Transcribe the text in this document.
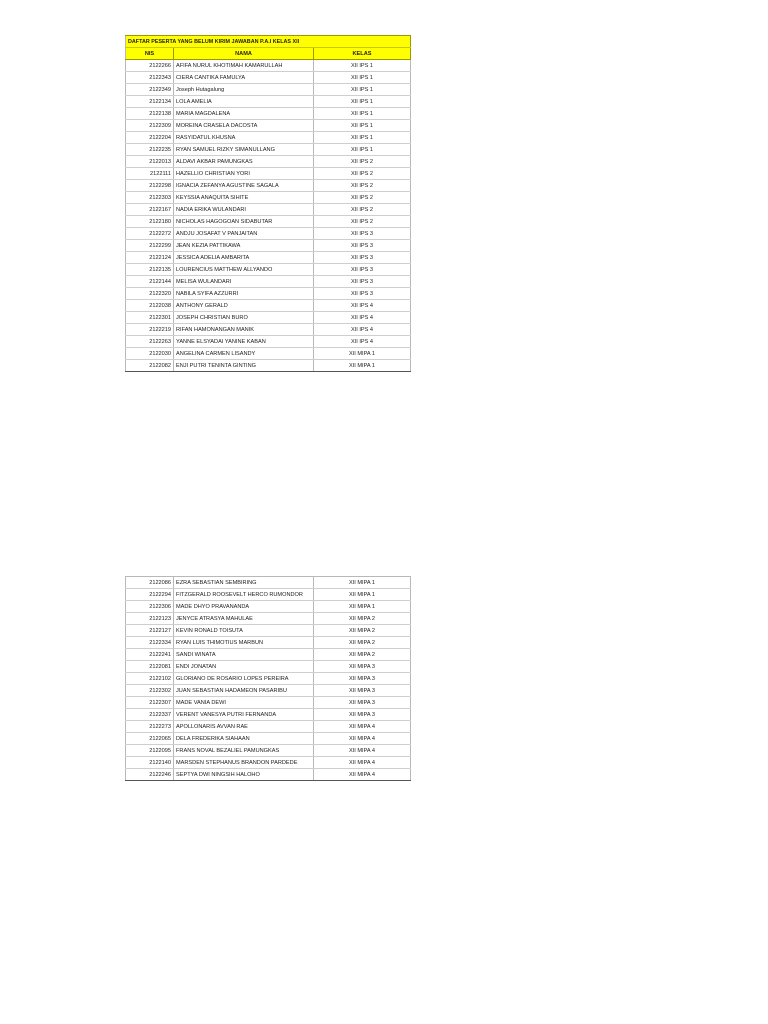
DAFTAR PESERTA YANG BELUM KIRIM JAWABAN P.A.I KELAS XII		
NIS	NAMA	KELAS
2122266	AFIFA NURUL KHOTIMAH KAMARULLAH	XII IPS 1
2122343	CIERA CANTIKA FAMULYA	XII IPS 1
2122349	Joseph Hutagalung	XII IPS 1
2122134	LOLA AMELIA	XII IPS 1
2122138	MARIA MAGDALENA	XII IPS 1
2122309	MOREINA CRASELA DACOSTA	XII IPS 1
2122204	RASYIDATUL KHUSNA	XII IPS 1
2122235	RYAN SAMUEL RIZKY SIMANULLANG	XII IPS 1
2122013	ALDAVI AKBAR PAMUNGKAS	XII IPS 2
2122111	HAZELLIO CHRISTIAN YORI	XII IPS 2
2122298	IGNACIA ZEFANYA AGUSTINE SAGALA	XII IPS 2
2122303	KEYSSIA ANAQUITA SIHITE	XII IPS 2
2122167	NADIA ERIKA WULANDARI	XII IPS 2
2122180	NICHOLAS HAGOGOAN SIDABUTAR	XII IPS 2
2122272	ANDJU JOSAFAT V PANJAITAN	XII IPS 3
2122299	JEAN KEZIA PATTIKAWA	XII IPS 3
2122124	JESSICA ADELIA AMBARITA	XII IPS 3
2122135	LOURENCIUS MATTHEW ALLYANDO	XII IPS 3
2122144	MELISA WULANDARI	XII IPS 3
2122320	NABILA SYIFA AZZURRI	XII IPS 3
2122038	ANTHONY GERALD	XII IPS 4
2122301	JOSEPH CHRISTIAN BURO	XII IPS 4
2122219	RIFAN HAMONANGAN MANIK	XII IPS 4
2122263	YANNE ELSYADAI YANINE KABAN	XII IPS 4
2122030	ANGELINA CARMEN LISANDY	XII MIPA 1
2122082	ENJI PUTRI TENINTA GINTING	XII MIPA 1
2122086	EZRA SEBASTIAN SEMBIRING	XII MIPA 1
2122294	FITZGERALD ROOSEVELT HERCO RUMONDOR	XII MIPA 1
2122306	MADE DHYO PRAVANANDA	XII MIPA 1
2122123	JENYCE ATRASYA MAHULAE	XII MIPA 2
2122127	KEVIN RONALD TOISUTA	XII MIPA 2
2122334	RYAN LUIS THIMOTIUS MARBUN	XII MIPA 2
2122241	SANDI WINATA	XII MIPA 2
2122081	ENDI JONATAN	XII MIPA 3
2122102	GLORIANO DE ROSARIO LOPES PEREIRA	XII MIPA 3
2122302	JUAN SEBASTIAN HADAMEON PASARIBU	XII MIPA 3
2122307	MADE VANIA DEWI	XII MIPA 3
2122337	VERENT VANESYA PUTRI FERNANDA	XII MIPA 3
2122273	APOLLONARIS AVVAN RAE	XII MIPA 4
2122065	DELA FREDERIKA SIAHAAN	XII MIPA 4
2122095	FRANS NOVAL BEZALIEL PAMUNGKAS	XII MIPA 4
2122140	MARSDEN STEPHANUS BRANDON PARDEDE	XII MIPA 4
2122246	SEPTYA DWI NINGSIH HALOHO	XII MIPA 4
